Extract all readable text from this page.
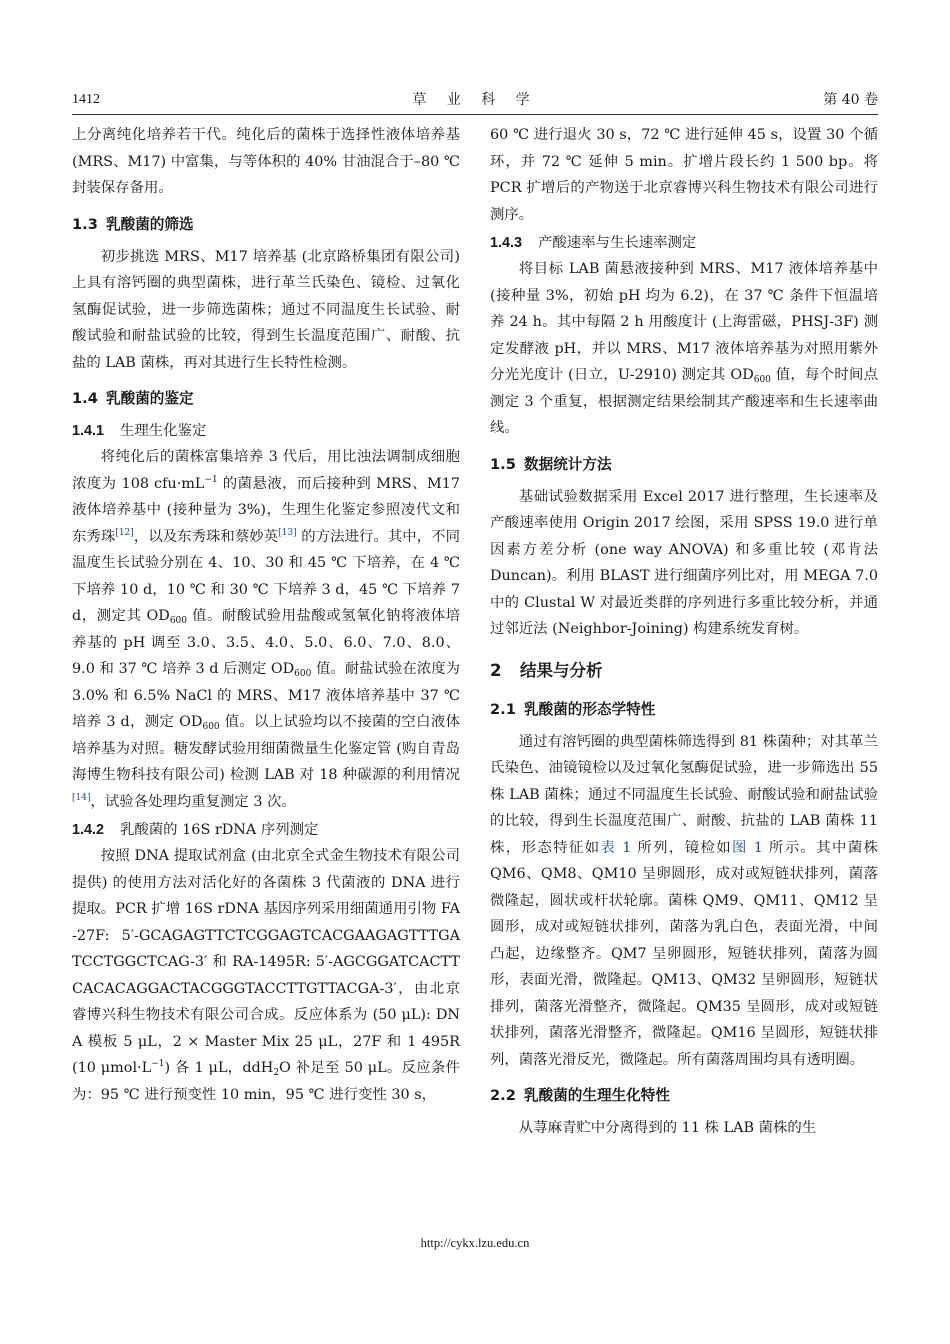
1412	草 业 科 学	第 40 卷

上分离纯化培养若干代。纯化后的菌株于选择性液体培养基 (MRS、M17) 中富集，与等体积的 40% 甘油混合于–80 ℃ 封装保存备用。

1.3 乳酸菌的筛选

初步挑选 MRS、M17 培养基 (北京路桥集团有限公司) 上具有溶钙圈的典型菌株，进行革兰氏染色、镜检、过氧化氢酶促试验，进一步筛选菌株；通过不同温度生长试验、耐酸试验和耐盐试验的比较，得到生长温度范围广、耐酸、抗盐的 LAB 菌株，再对其进行生长特性检测。

1.4 乳酸菌的鉴定
1.4.1 生理生化鉴定

将纯化后的菌株富集培养 3 代后，用比浊法调制成细胞浓度为 108 $cfu\cdot mL^{-1}$ 的菌悬液，而后接种到 MRS、M17 液体培养基中 (接种量为 3%)，生理生化鉴定参照凌代文和东秀珠[12]，以及东秀珠和蔡妙英[13] 的方法进行。其中，不同温度生长试验分别在 4、10、30 和 45 ℃ 下培养，在 4 ℃ 下培养 10 d，10 ℃ 和 30 ℃ 下培养 3 d，45 ℃ 下培养 7 d，测定其 $OD_{600}$ 值。耐酸试验用盐酸或氢氧化钠将液体培养基的 pH 调至 3.0、3.5、4.0、5.0、6.0、7.0、8.0、9.0 和 37 ℃ 培养 3 d 后测定 $OD_{600}$ 值。耐盐试验在浓度为 3.0% 和 6.5% NaCl 的 MRS、M17 液体培养基中 37 ℃ 培养 3 d，测定 $OD_{600}$ 值。以上试验均以不接菌的空白液体培养基为对照。糖发酵试验用细菌微量生化鉴定管 (购自青岛海博生物科技有限公司) 检测 LAB 对 18 种碳源的利用情况[14]，试验各处理均重复测定 3 次。

1.4.2 乳酸菌的 16S rDNA 序列测定

按照 DNA 提取试剂盒 (由北京全式金生物技术有限公司提供) 的使用方法对活化好的各菌株 3 代菌液的 DNA 进行提取。PCR 扩增 16S rDNA 基因序列采用细菌通用引物 FA-27F: 5′-GCAGAGTTCTCGGAGTCACGAAGAGTTTGATCCTGGCTCAG-3′ 和 RA-1495R: 5′-AGCGGATCACTTCACACAGGACTACGGGTACCTTGTTACGA-3′，由北京睿博兴科生物技术有限公司合成。反应体系为 (50 μL): DNA 模板 5 μL，2 × Master Mix 25 μL，27F 和 1 495R (10 $\mu mol\cdot L^{-1}$) 各 1 μL，ddH$_2$O 补足至 50 μL。反应条件为：95 ℃ 进行预变性 10 min，95 ℃ 进行变性 30 s，

60 ℃ 进行退火 30 s，72 ℃ 进行延伸 45 s，设置 30 个循环，并 72 ℃ 延伸 5 min。扩增片段长约 1 500 bp。将 PCR 扩增后的产物送于北京睿博兴科生物技术有限公司进行测序。

1.4.3 产酸速率与生长速率测定

将目标 LAB 菌悬液接种到 MRS、M17 液体培养基中 (接种量 3%，初始 pH 均为 6.2)，在 37 ℃ 条件下恒温培养 24 h。其中每隔 2 h 用酸度计 (上海雷磁，PHSJ-3F) 测定发酵液 pH，并以 MRS、M17 液体培养基为对照用紫外分光光度计 (日立，U-2910) 测定其 $OD_{600}$ 值，每个时间点测定 3 个重复，根据测定结果绘制其产酸速率和生长速率曲线。

1.5 数据统计方法

基础试验数据采用 Excel 2017 进行整理，生长速率及产酸速率使用 Origin 2017 绘图，采用 SPSS 19.0 进行单因素方差分析 (one way ANOVA) 和多重比较 (邓肯法 Duncan)。利用 BLAST 进行细菌序列比对，用 MEGA 7.0 中的 Clustal W 对最近类群的序列进行多重比较分析，并通过邻近法 (Neighbor-Joining) 构建系统发育树。

2 结果与分析
2.1 乳酸菌的形态学特性

通过有溶钙圈的典型菌株筛选得到 81 株菌种；对其革兰氏染色、油镜镜检以及过氧化氢酶促试验，进一步筛选出 55 株 LAB 菌株；通过不同温度生长试验、耐酸试验和耐盐试验的比较，得到生长温度范围广、耐酸、抗盐的 LAB 菌株 11 株，形态特征如表 1 所列，镜检如图 1 所示。其中菌株 QM6、QM8、QM10 呈卵圆形，成对或短链状排列，菌落微隆起，圆状或杆状轮廓。菌株 QM9、QM11、QM12 呈圆形，成对或短链状排列，菌落为乳白色，表面光滑，中间凸起，边缘整齐。QM7 呈卵圆形，短链状排列，菌落为圆形，表面光滑，微隆起。QM13、QM32 呈卵圆形，短链状排列，菌落光滑整齐，微隆起。QM35 呈圆形，成对或短链状排列，菌落光滑整齐，微隆起。QM16 呈圆形，短链状排列，菌落光滑反光，微隆起。所有菌落周围均具有透明圈。

2.2 乳酸菌的生理生化特性

从荨麻青贮中分离得到的 11 株 LAB 菌株的生

http://cykx.lzu.edu.cn
